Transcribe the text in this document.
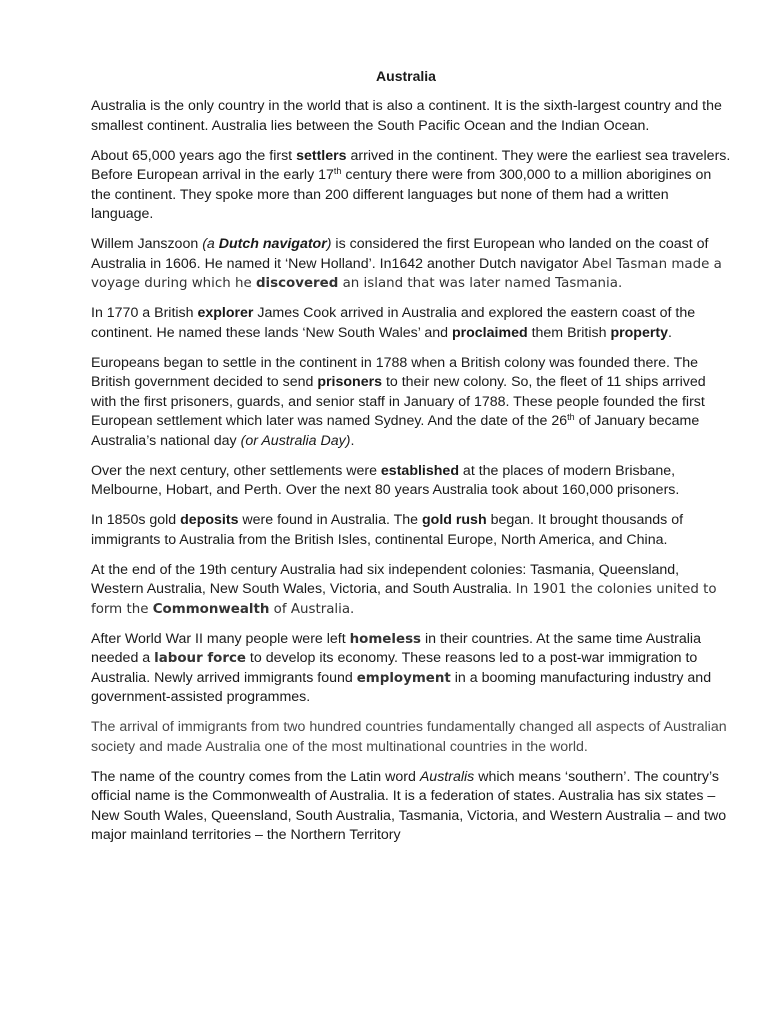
Australia

Australia is the only country in the world that is also a continent. It is the sixth-largest country and the smallest continent. Australia lies between the South Pacific Ocean and the Indian Ocean.

About 65,000 years ago the first settlers arrived in the continent. They were the earliest sea travelers. Before European arrival in the early 17th century there were from 300,000 to a million aborigines on the continent. They spoke more than 200 different languages but none of them had a written language.

Willem Janszoon (a Dutch navigator) is considered the first European who landed on the coast of Australia in 1606. He named it ‘New Holland’. In1642 another Dutch navigator Abel Tasman made a voyage during which he discovered an island that was later named Tasmania.

In 1770 a British explorer James Cook arrived in Australia and explored the eastern coast of the continent. He named these lands ‘New South Wales’ and proclaimed them British property.

Europeans began to settle in the continent in 1788 when a British colony was founded there. The British government decided to send prisoners to their new colony. So, the fleet of 11 ships arrived with the first prisoners, guards, and senior staff in January of 1788. These people founded the first European settlement which later was named Sydney. And the date of the 26th of January became Australia’s national day (or Australia Day).

Over the next century, other settlements were established at the places of modern Brisbane, Melbourne, Hobart, and Perth. Over the next 80 years Australia took about 160,000 prisoners.

In 1850s gold deposits were found in Australia. The gold rush began. It brought thousands of immigrants to Australia from the British Isles, continental Europe, North America, and China.

At the end of the 19th century Australia had six independent colonies: Tasmania, Queensland, Western Australia, New South Wales, Victoria, and South Australia. In 1901 the colonies united to form the Commonwealth of Australia.

After World War II many people were left homeless in their countries. At the same time Australia needed a labour force to develop its economy. These reasons led to a post-war immigration to Australia. Newly arrived immigrants found employment in a booming manufacturing industry and government-assisted programmes.

The arrival of immigrants from two hundred countries fundamentally changed all aspects of Australian society and made Australia one of the most multinational countries in the world.

The name of the country comes from the Latin word Australis which means ‘southern’. The country’s official name is the Commonwealth of Australia. It is a federation of states. Australia has six states – New South Wales, Queensland, South Australia, Tasmania, Victoria, and Western Australia – and two major mainland territories – the Northern Territory
